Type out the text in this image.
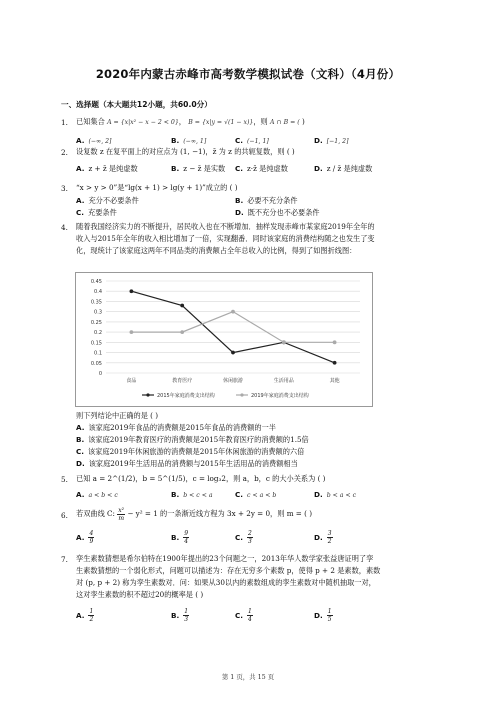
2020年内蒙古赤峰市高考数学模拟试卷（文科）（4月份）
一、选择题（本大题共12小题，共60.0分）
1. 已知集合 A = {x|x² − x − 2 < 0}， B = {x|y = √(1 − x)}，则 A ∩ B = ( )
A. (−∞, 2]	B. (−∞, 1]	C. (−1, 1]	D. [−1, 2]
2. 设复数 z 在复平面上的对应点为 (1, −1)，z̄ 为 z 的共轭复数，则 ( )
A. z + z̄ 是纯虚数	B. z − z̄ 是实数 C. z·z̄ 是纯虚数	D. z / z̄ 是纯虚数
3. “x > y > 0”是“lg(x + 1) > lg(y + 1)”成立的 ( )
A. 充分不必要条件	B. 必要不充分条件
C. 充要条件	D. 既不充分也不必要条件
4. 随着我国经济实力的不断提升，居民收入也在不断增加．抽样发现赤峰市某家庭2019年全年的
收入与2015年全年的收入相比增加了一倍，实现翻番．同时该家庭的消费结构随之也发生了变
化，现统计了该家庭这两年不同品类的消费额占全年总收入的比例，得到了如图折线图：
0
0.05
0.1
0.15
0.2
0.25
0.3
0.35
0.4
0.45
食品	教育医疗	休闲旅游	生活用品	其他
2015年家庭消费支出结构	2019年家庭消费支出结构
则下列结论中正确的是 ( )
A. 该家庭2019年食品的消费额是2015年食品的消费额的一半
B. 该家庭2019年教育医疗的消费额是2015年教育医疗的消费额的1.5倍
C. 该家庭2019年休闲旅游的消费额是2015年休闲旅游的消费额的六倍
D. 该家庭2019年生活用品的消费额与2015年生活用品的消费额相当
5. 已知 a = 2^(1/2)，b = 5^(1/5)，c = log₃2，则 a，b，c 的大小关系为 ( )
A. a < b < c	B. b < c < a	C. c < a < b	D. b < a < c
6. 若双曲线 C: $\frac{\text{x²}}{m} - y^2 = 1$ 的一条渐近线方程为 3x + 2y = 0，则 m = ( )
A. $\frac{4}{9}$	B. $\frac{9}{4}$	C. $\frac{2}{3}$	D. $\frac{3}{2}$
7. 孪生素数猜想是希尔伯特在1900年提出的23个问题之一，2013年华人数学家张益唐证明了孪
生素数猜想的一个弱化形式，问题可以描述为：存在无穷多个素数 p，使得 p + 2 是素数，素数
对 (p, p + 2) 称为孪生素数对．问：如果从30以内的素数组成的孪生素数对中随机抽取一对，
这对孪生素数的积不超过20的概率是 ( )
A. $\frac{1}{2}$	B. $\frac{1}{3}$	C. $\frac{1}{4}$	D. $\frac{1}{5}$
第 1 页，共 15 页
